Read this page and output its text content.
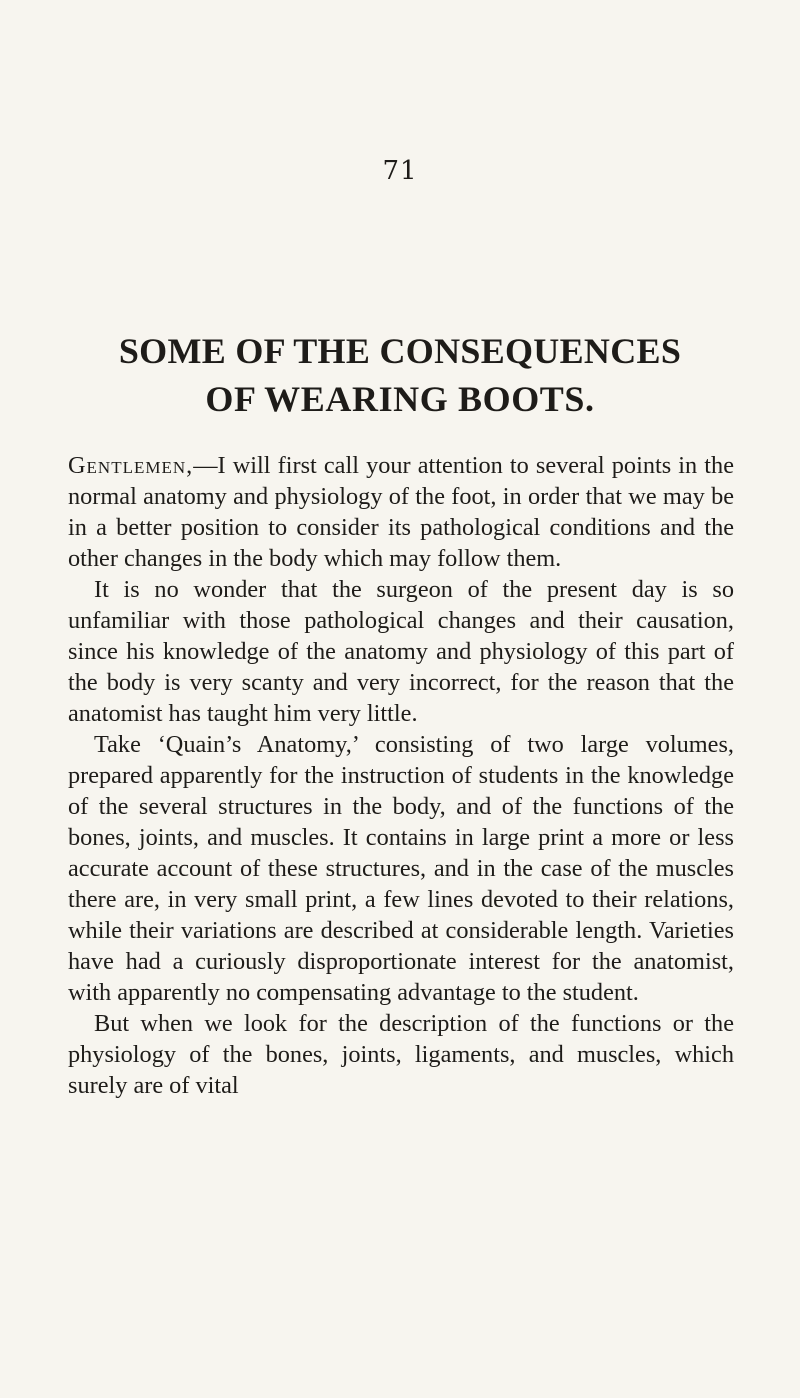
71
SOME OF THE CONSEQUENCES
OF WEARING BOOTS.

Gentlemen,—I will first call your attention to several points in the normal anatomy and physiology of the foot, in order that we may be in a better position to consider its pathological conditions and the other changes in the body which may follow them.

It is no wonder that the surgeon of the present day is so unfamiliar with those pathological changes and their causation, since his knowledge of the anatomy and physiology of this part of the body is very scanty and very incorrect, for the reason that the anatomist has taught him very little.

Take ‘Quain’s Anatomy,’ consisting of two large volumes, prepared apparently for the instruction of students in the knowledge of the several structures in the body, and of the functions of the bones, joints, and muscles. It contains in large print a more or less accurate account of these structures, and in the case of the muscles there are, in very small print, a few lines devoted to their relations, while their variations are described at considerable length. Varieties have had a curiously disproportionate interest for the anatomist, with apparently no compensating advantage to the student.

But when we look for the description of the functions or the physiology of the bones, joints, ligaments, and muscles, which surely are of vital
